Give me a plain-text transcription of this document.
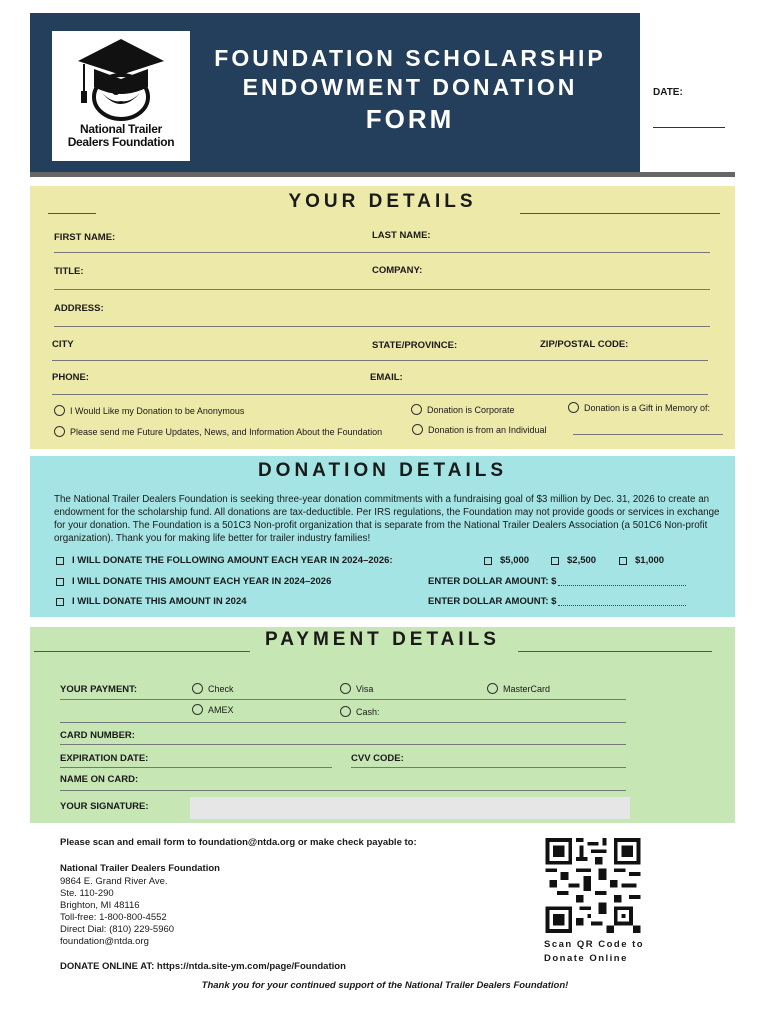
National Trailer
Dealers Foundation
FOUNDATION SCHOLARSHIP
ENDOWMENT DONATION
FORM
DATE:
YOUR DETAILS
FIRST NAME:	LAST NAME:
TITLE:	COMPANY:
ADDRESS:
CITY	STATE/PROVINCE:	ZIP/POSTAL CODE:
PHONE:	EMAIL:
I Would Like my Donation to be Anonymous	Donation is Corporate	Donation is a Gift in Memory of:
Please send me Future Updates, News, and Information About the Foundation	Donation is from an Individual
DONATION DETAILS
The National Trailer Dealers Foundation is seeking three-year donation commitments with a fundraising goal of $3 million by Dec. 31, 2026 to create an endowment for the scholarship fund. All donations are tax-deductible. Per IRS regulations, the Foundation may not provide goods or services in exchange for your donation. The Foundation is a 501C3 Non-profit organization that is separate from the National Trailer Dealers Association (a 501C6 Non-profit organization). Thank you for making life better for trailer industry families!
I WILL DONATE THE FOLLOWING AMOUNT EACH YEAR IN 2024–2026:	$5,000	$2,500	$1,000
I WILL DONATE THIS AMOUNT EACH YEAR IN 2024–2026	ENTER DOLLAR AMOUNT: $
I WILL DONATE THIS AMOUNT IN 2024	ENTER DOLLAR AMOUNT: $
PAYMENT DETAILS
YOUR PAYMENT:	Check	Visa	MasterCard
AMEX	Cash:
CARD NUMBER:
EXPIRATION DATE:	CVV CODE:
NAME ON CARD:
YOUR SIGNATURE:
Please scan and email form to foundation@ntda.org or make check payable to:
National Trailer Dealers Foundation
9864 E. Grand River Ave.
Ste. 110-290
Brighton, MI 48116
Toll-free: 1-800-800-4552
Direct Dial: (810) 229-5960
foundation@ntda.org
DONATE ONLINE AT: https://ntda.site-ym.com/page/Foundation
Scan QR Code to
Donate Online
Thank you for your continued support of the National Trailer Dealers Foundation!
